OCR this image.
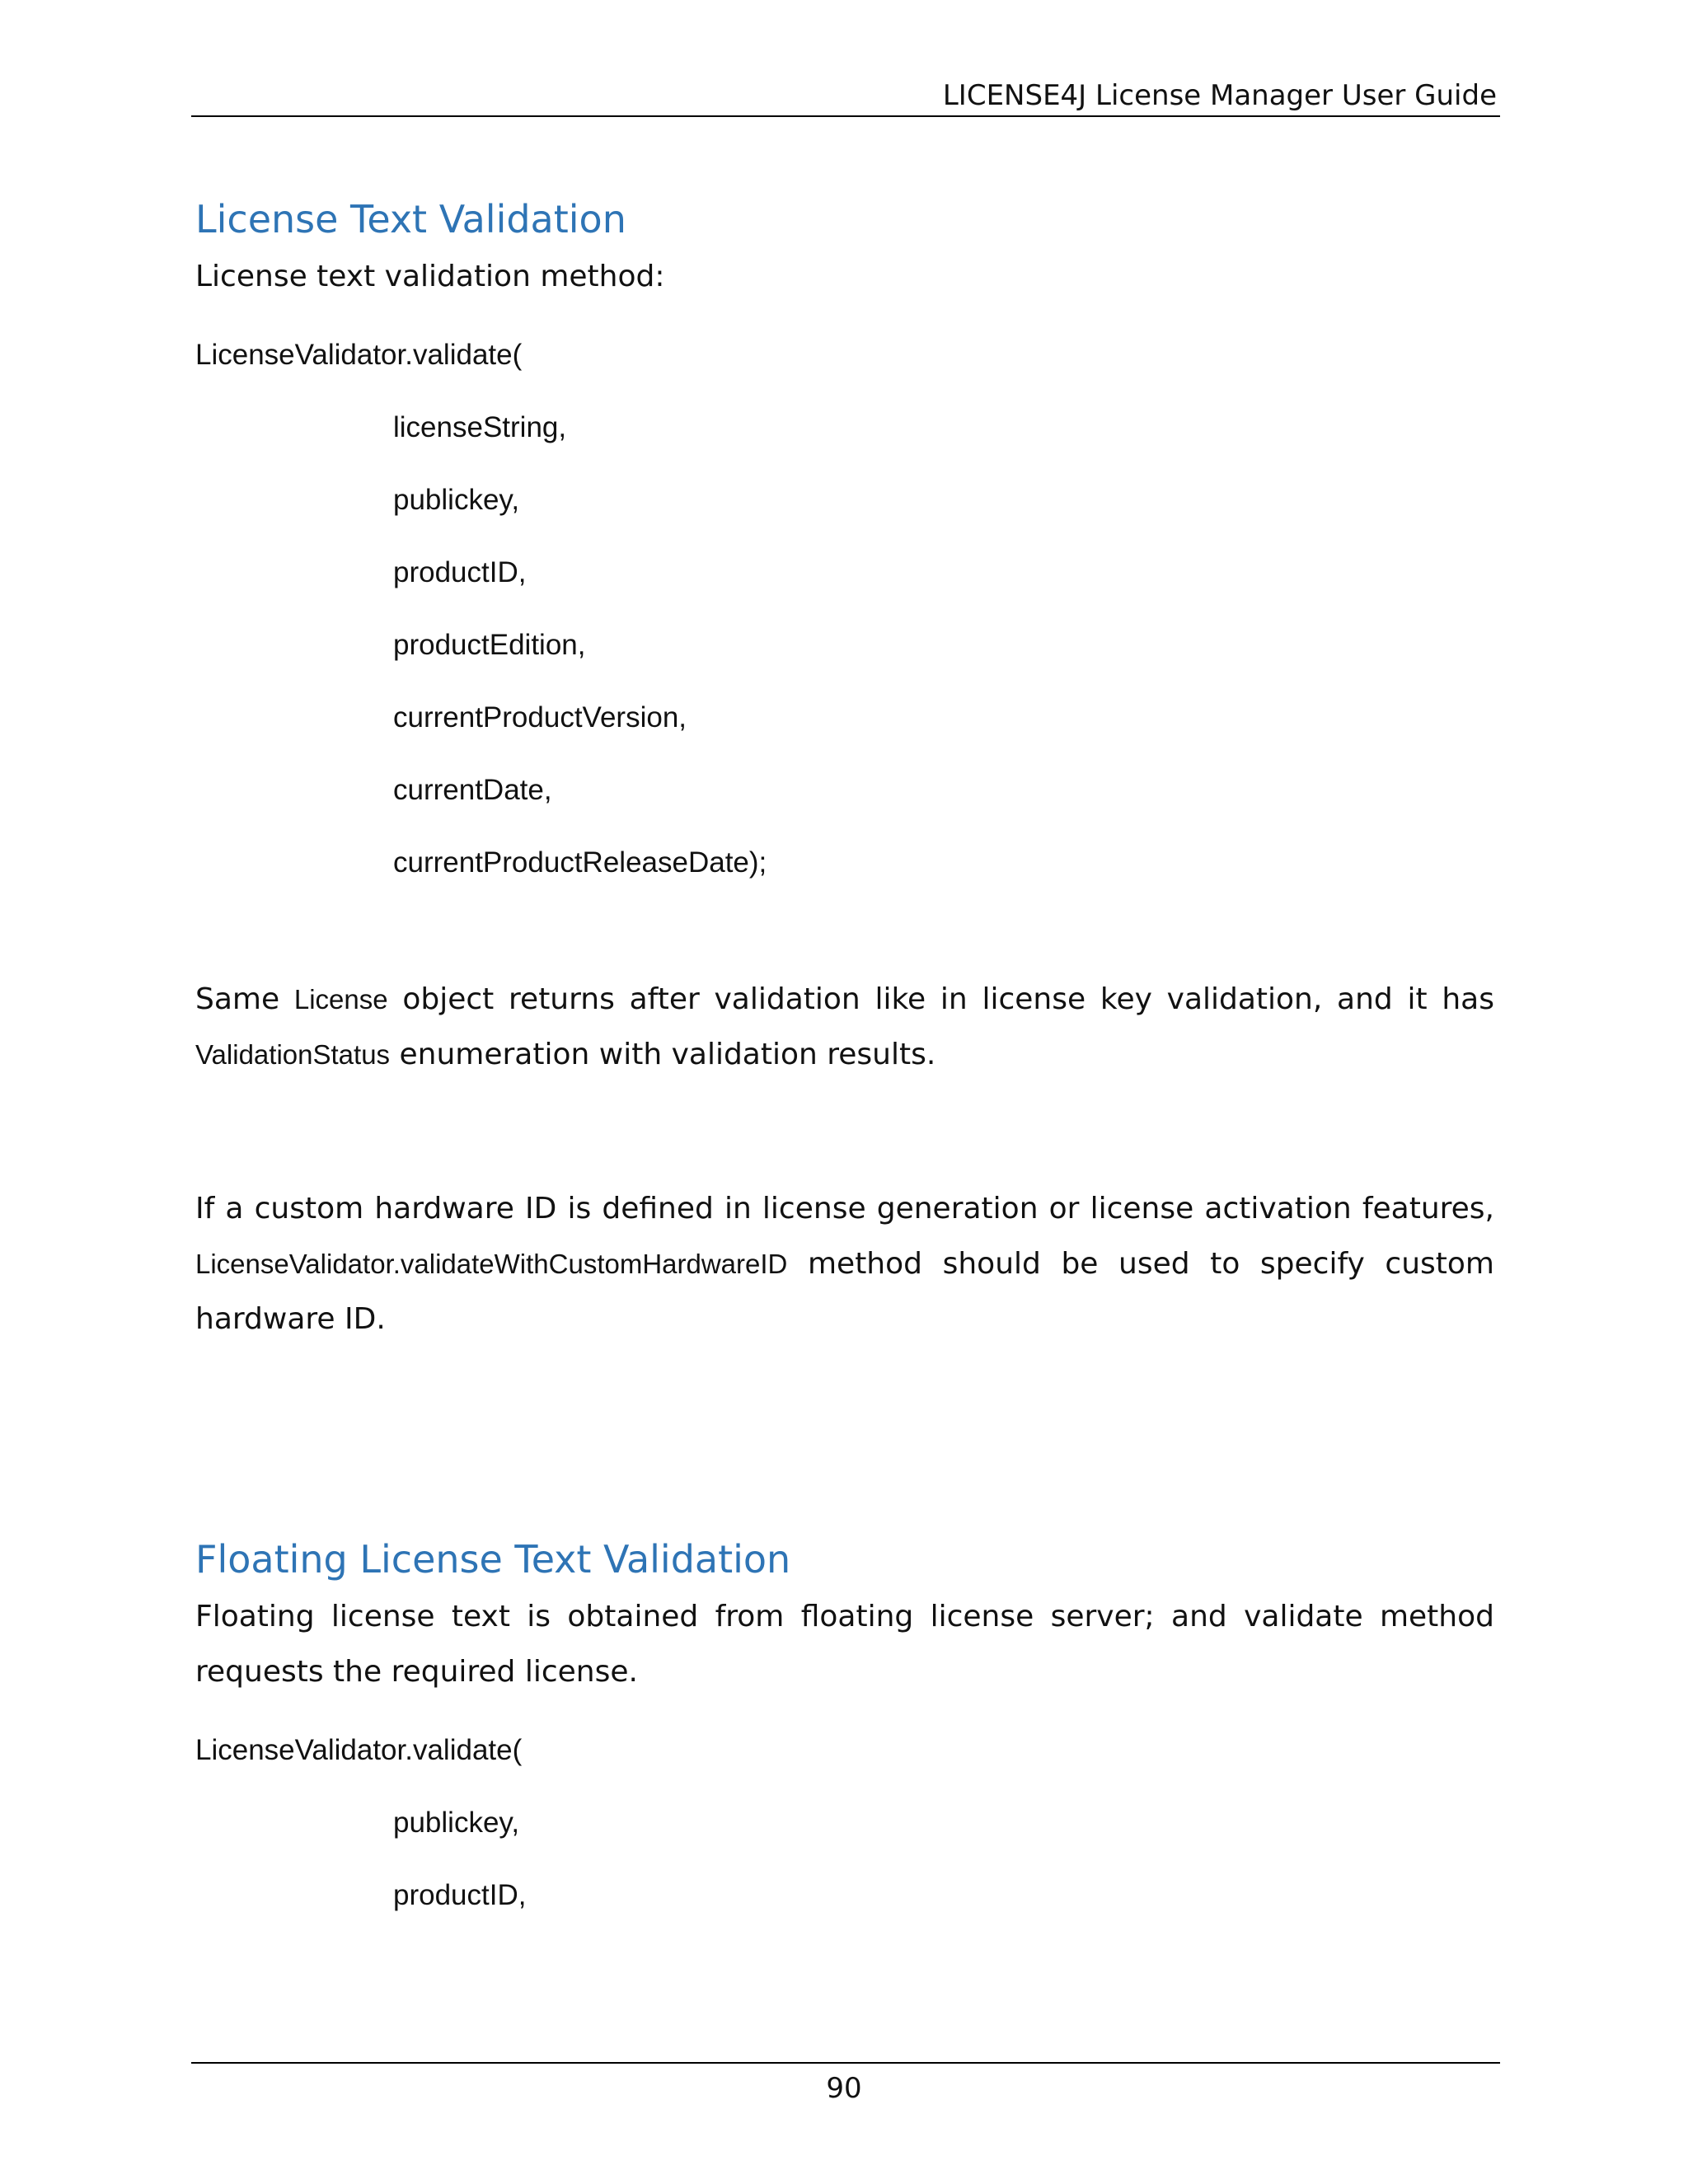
LICENSE4J License Manager User Guide
License Text Validation

License text validation method:

LicenseValidator.validate(
licenseString,
publickey,
productID,
productEdition,
currentProductVersion,
currentDate,
currentProductReleaseDate);

Same License object returns after validation like in license key validation, and it has ValidationStatus enumeration with validation results.

If a custom hardware ID is defined in license generation or license activation features, LicenseValidator.validateWithCustomHardwareID method should be used to specify custom hardware ID.

Floating License Text Validation

Floating license text is obtained from floating license server; and validate method requests the required license.

LicenseValidator.validate(
publickey,
productID,
90
